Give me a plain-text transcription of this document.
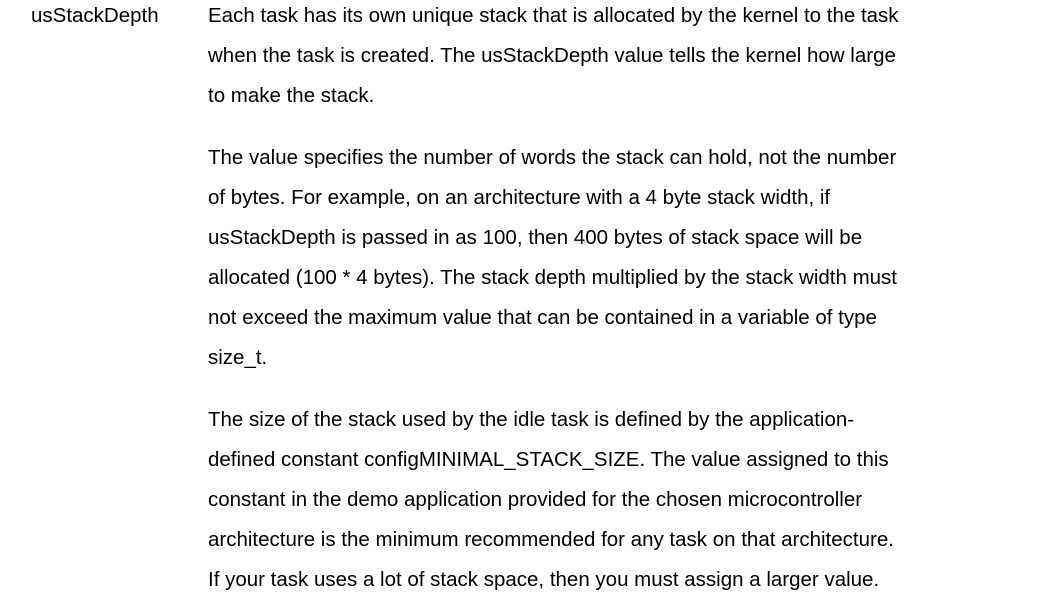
usStackDepth Each task has its own unique stack that is allocated by the kernel to the task
when the task is created. The usStackDepth value tells the kernel how large
to make the stack.
The value specifies the number of words the stack can hold, not the number
of bytes. For example, on an architecture with a 4 byte stack width, if
usStackDepth is passed in as 100, then 400 bytes of stack space will be
allocated (100 * 4 bytes). The stack depth multiplied by the stack width must
not exceed the maximum value that can be contained in a variable of type
size_t.
The size of the stack used by the idle task is defined by the application-
defined constant configMINIMAL_STACK_SIZE. The value assigned to this
constant in the demo application provided for the chosen microcontroller
architecture is the minimum recommended for any task on that architecture.
If your task uses a lot of stack space, then you must assign a larger value.
